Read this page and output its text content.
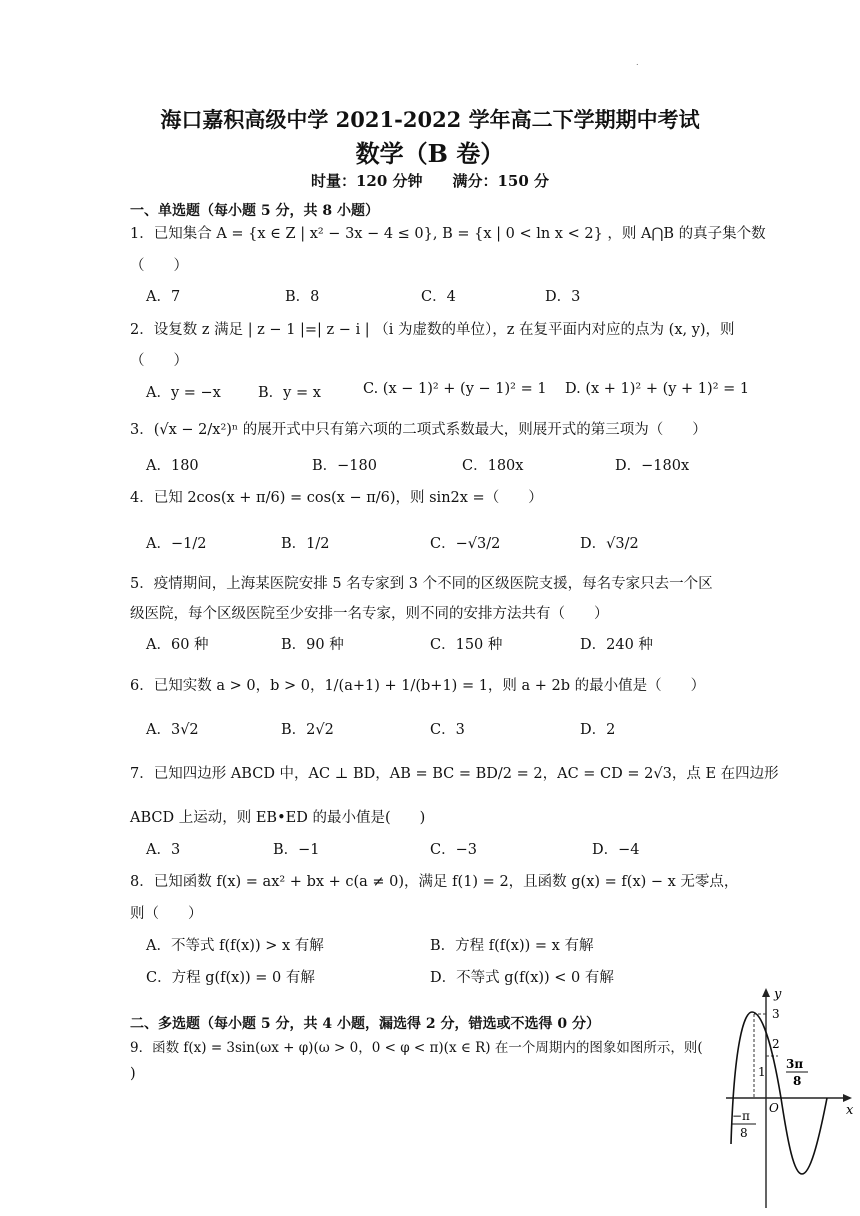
.
海口嘉积高级中学 2021-2022 学年高二下学期期中考试
数学（B 卷）
时量：120 分钟　　满分：150 分
一、单选题（每小题 5 分，共 8 小题）
1．已知集合 A = {x ∈ Z | x² − 3x − 4 ≤ 0}, B = {x | 0 < ln x < 2} ，则 A⋂B 的真子集个数
（　　）
A．7	B．8	C．4	D．3
2．设复数 z 满足 | z − 1 |=| z − i | （i 为虚数的单位），z 在复平面内对应的点为 (x, y)，则
（　　）
A．y = −x	B．y = x	C. (x − 1)² + (y − 1)² = 1 D. (x + 1)² + (y + 1)² = 1
3．(√x − 2/x²)ⁿ 的展开式中只有第六项的二项式系数最大，则展开式的第三项为（　　）
A．180	B．−180	C．180x	D．−180x
4．已知 2cos(x + π/6) = cos(x − π/6)，则 sin2x =（　　）
A．−1/2	B．1/2	C．−√3/2	D．√3/2
5．疫情期间，上海某医院安排 5 名专家到 3 个不同的区级医院支援，每名专家只去一个区
级医院，每个区级医院至少安排一名专家，则不同的安排方法共有（　　）
A．60 种	B．90 种	C．150 种	D．240 种
6．已知实数 a > 0，b > 0，1/(a+1) + 1/(b+1) = 1，则 a + 2b 的最小值是（　　）
A．3√2	B．2√2	C．3	D．2
7．已知四边形 ABCD 中，AC ⊥ BD，AB = BC = BD/2 = 2，AC = CD = 2√3，点 E 在四边形
ABCD 上运动，则 EB•ED 的最小值是(　　)
A．3	B．−1	C．−3	D．−4
8．已知函数 f(x) = ax² + bx + c(a ≠ 0)，满足 f(1) = 2，且函数 g(x) = f(x) − x 无零点，
则（　　）
A．不等式 f(f(x)) > x 有解	B．方程 f(f(x)) = x 有解
C．方程 g(f(x)) = 0 有解	D．不等式 g(f(x)) < 0 有解
二、多选题（每小题 5 分，共 4 小题，漏选得 2 分，错选或不选得 0 分）
9．函数 f(x) = 3sin(ωx + φ)(ω > 0，0 < φ < π)(x ∈ R) 在一个周期内的图象如图所示，则(
)
y
x
O
3
2
1
−π
8
3π
8
